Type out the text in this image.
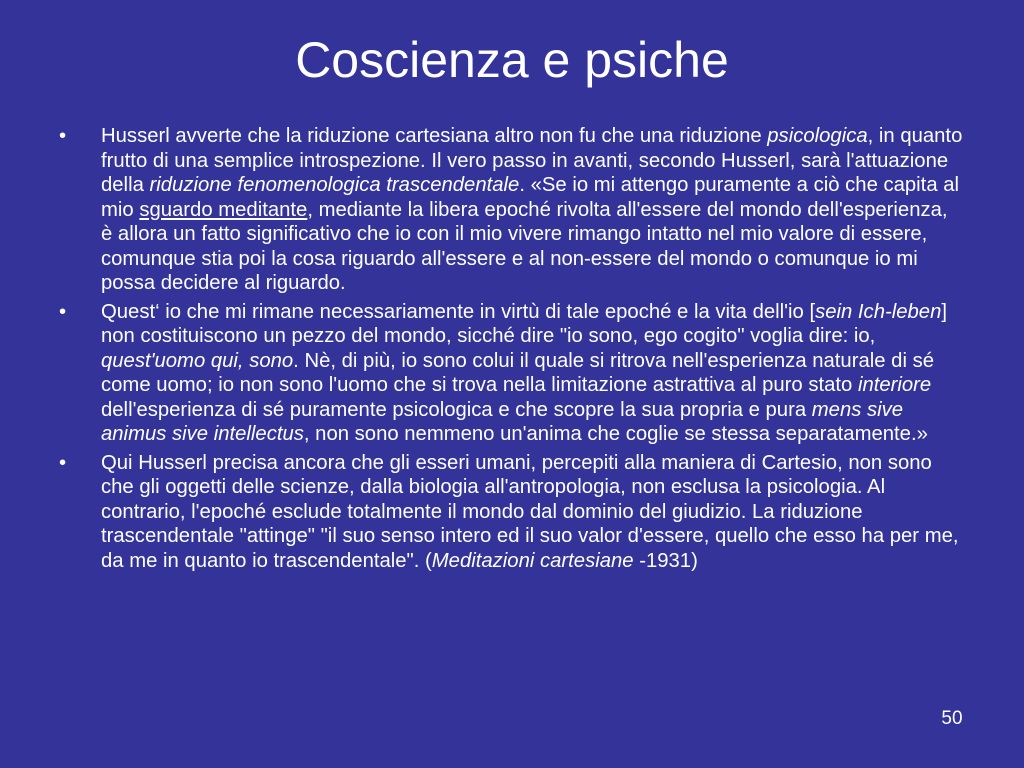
Coscienza e psiche
•	Husserl avverte che la riduzione cartesiana altro non fu che una riduzione psicologica, in quanto frutto di una semplice introspezione. Il vero passo in avanti, secondo Husserl, sarà l'attuazione della riduzione fenomenologica trascendentale. «Se io mi attengo puramente a ciò che capita al mio sguardo meditante, mediante la libera epoché rivolta all'essere del mondo dell'esperienza, è allora un fatto significativo che io con il mio vivere rimango intatto nel mio valore di essere, comunque stia poi la cosa riguardo all'essere e al non-essere del mondo o comunque io mi possa decidere al riguardo.
•	Quest‘ io che mi rimane necessariamente in virtù di tale epoché e la vita dell'io [sein Ich-leben] non costituiscono un pezzo del mondo, sicché dire "io sono, ego cogito" voglia dire: io, quest'uomo qui, sono. Nè, di più, io sono colui il quale si ritrova nell'esperienza naturale di sé come uomo; io non sono l'uomo che si trova nella limitazione astrattiva al puro stato interiore dell'esperienza di sé puramente psicologica e che scopre la sua propria e pura mens sive animus sive intellectus, non sono nemmeno un'anima che coglie se stessa separatamente.»
•	Qui Husserl precisa ancora che gli esseri umani, percepiti alla maniera di Cartesio, non sono che gli oggetti delle scienze, dalla biologia all'antropologia, non esclusa la psicologia. Al contrario, l'epoché esclude totalmente il mondo dal dominio del giudizio. La riduzione trascendentale "attinge" "il suo senso intero ed il suo valor d'essere, quello che esso ha per me, da me in quanto io trascendentale". (Meditazioni cartesiane -1931)
50
